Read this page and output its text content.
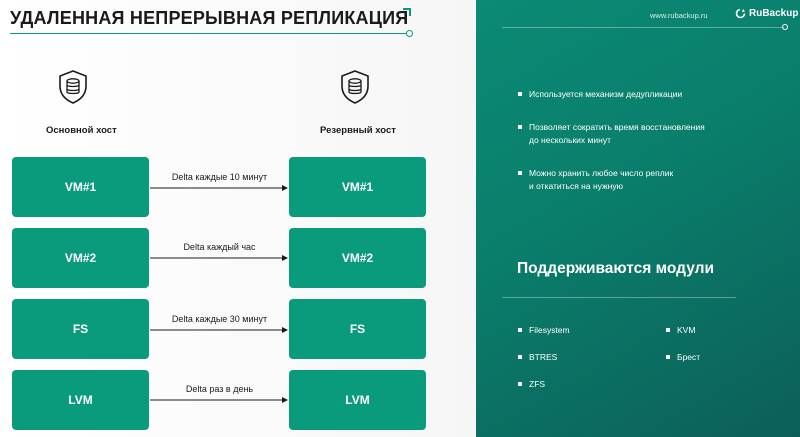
УДАЛЕННАЯ НЕПРЕРЫВНАЯ РЕПЛИКАЦИЯ
Основной хост	Резервный хост
VM#1
Delta каждые 10 минут
VM#1
VM#2
Delta каждый час
VM#2
FS
Delta каждые 30 минут
FS
LVM
Delta раз в день
LVM
www.rubackup.ru	RuBackup
Используется механизм дедупликации
Позволяет сократить время восстановления
до нескольких минут
Можно хранить любое число реплик
и откатиться на нужную
Поддерживаются модули
Filesystem
BTRES
ZFS
KVM
Брест
